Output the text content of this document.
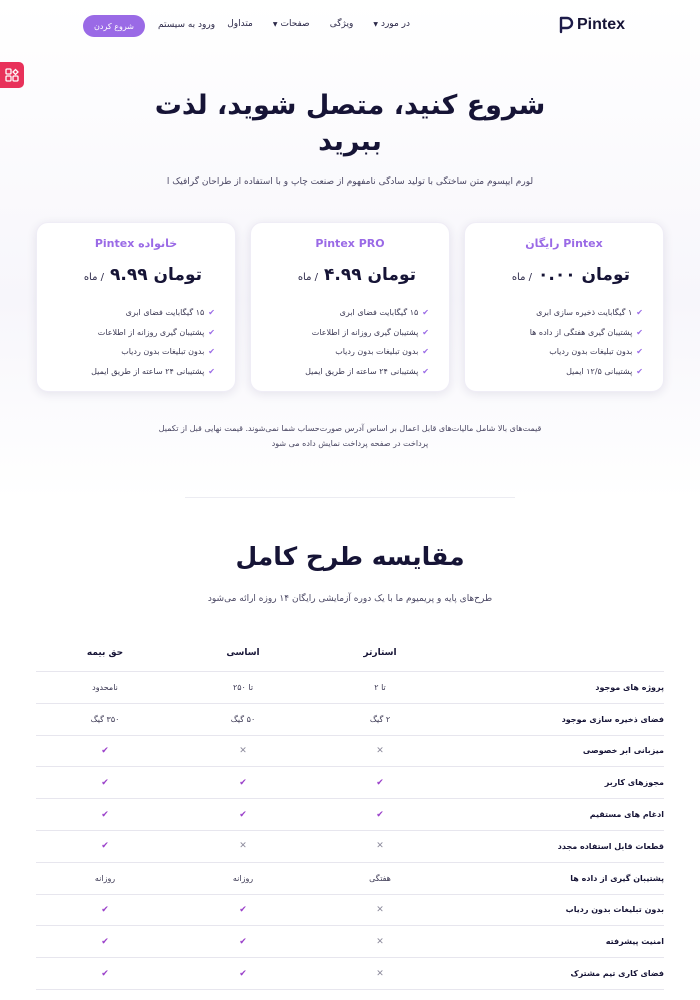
Pintex
در مورد
▼
ویژگی
صفحات
▼
متداول
ورود به سیستم
شروع کردن
شروع کنید، متصل شوید، لذت
ببرید

لورم ایپسوم متن ساختگی با تولید سادگی نامفهوم از صنعت چاپ و با استفاده از طراحان گرافیک ا

Pintex رایگان
تومان ۰.۰۰
/ ماه
✔
۱ گیگابایت ذخیره سازی ابری
✔
پشتیبان گیری هفتگی از داده ها
✔
بدون تبلیغات بدون ردیاب
✔
پشتیبانی ۱۲/۵ ایمیل
Pintex PRO
تومان ۴.۹۹
/ ماه
✔
۱۵ گیگابایت فضای ابری
✔
پشتیبان گیری روزانه از اطلاعات
✔
بدون تبلیغات بدون ردیاب
✔
پشتیبانی ۲۴ ساعته از طریق ایمیل
خانواده Pintex
تومان ۹.۹۹
/ ماه
✔
۱۵ گیگابایت فضای ابری
✔
پشتیبان گیری روزانه از اطلاعات
✔
بدون تبلیغات بدون ردیاب
✔
پشتیبانی ۲۴ ساعته از طریق ایمیل

قیمت‌های بالا شامل مالیات‌های قابل اعمال بر اساس آدرس صورت‌حساب شما نمی‌شوند. قیمت نهایی قبل از تکمیل
پرداخت در صفحه پرداخت نمایش داده می شود

مقایسه طرح کامل

طرح‌های پایه و پریمیوم ما با یک دوره آزمایشی رایگان ۱۴ روزه ارائه می‌شود

استارتر
اساسی
حق بیمه
پروژه های موجود
تا ۲
تا ۲۵۰
نامحدود
فضای ذخیره سازی موجود
۲ گیگ
۵۰ گیگ
۳۵۰ گیگ
میزبانی ابر خصوصی
✕
✕
✔
مجوزهای کاربر
✔
✔
✔
ادغام های مستقیم
✔
✔
✔
قطعات قابل استفاده مجدد
✕
✕
✔
پشتیبان گیری از داده ها
هفتگی
روزانه
روزانه
بدون تبلیغات بدون ردیاب
✕
✔
✔
امنیت پیشرفته
✕
✔
✔
فضای کاری تیم مشترک
✕
✔
✔
